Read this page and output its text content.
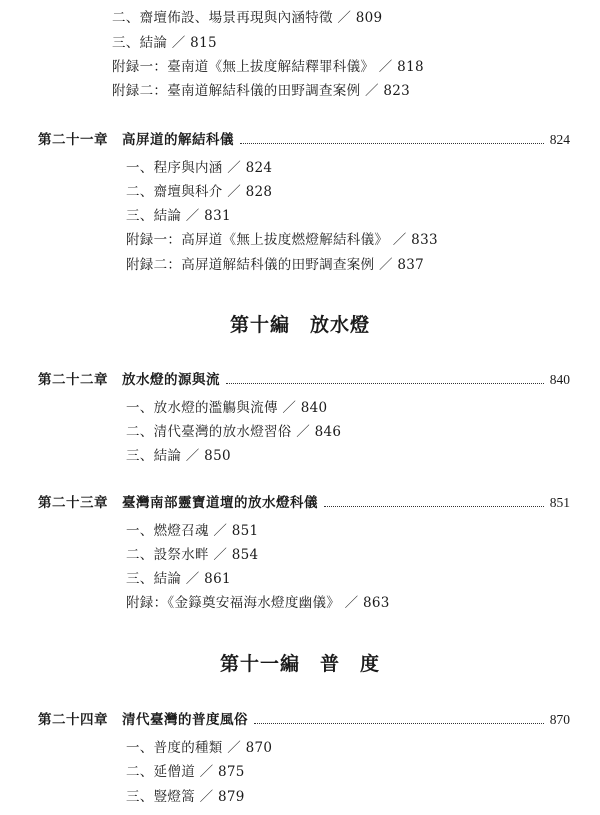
二、齋壇佈設、場景再現與內涵特徵 ／ 809
三、結論 ／ 815
附録一：臺南道《無上拔度解結釋罪科儀》 ／ 818
附録二：臺南道解結科儀的田野調查案例 ／ 823
第二十一章 高屏道的解結科儀	824
一、程序與内涵 ／ 824
二、齋壇與科介 ／ 828
三、結論 ／ 831
附録一：高屏道《無上拔度燃燈解結科儀》 ／ 833
附録二：高屏道解結科儀的田野調查案例 ／ 837
第十編　放水燈
第二十二章 放水燈的源與流	840
一、放水燈的濫觴與流傳 ／ 840
二、清代臺灣的放水燈習俗 ／ 846
三、結論 ／ 850
第二十三章 臺灣南部靈寶道壇的放水燈科儀	851
一、燃燈召魂 ／ 851
二、設祭水畔 ／ 854
三、結論 ／ 861
附録：《金籙奠安福海水燈度幽儀》 ／ 863
第十一編　普　度
第二十四章 清代臺灣的普度風俗	870
一、普度的種類 ／ 870
二、延僧道 ／ 875
三、豎燈篙 ／ 879
